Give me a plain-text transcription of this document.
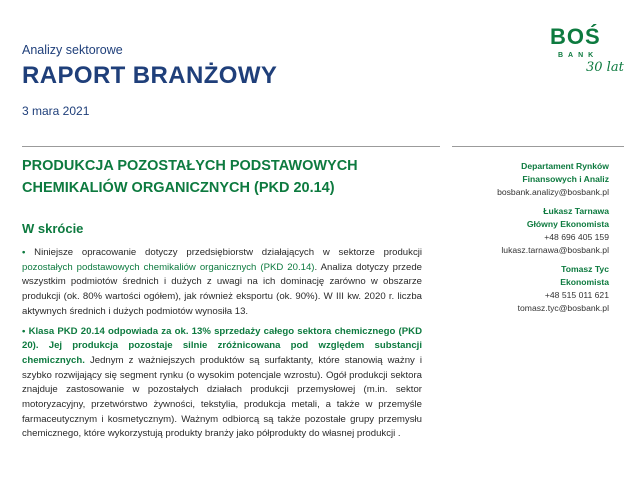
Analizy sektorowe
RAPORT BRANŻOWY
3 mara 2021
BOŚ
BANK
30 lat
PRODUKCJA POZOSTAŁYCH PODSTAWOWYCH
CHEMIKALIÓW ORGANICZNYCH (PKD 20.14)
W skrócie

• Niniejsze opracowanie dotyczy przedsiębiorstw działających w sektorze produkcji pozostałych podstawowych chemikaliów organicznych (PKD 20.14). Analiza dotyczy przede wszystkim podmiotów średnich i dużych z uwagi na ich dominację zarówno w obszarze produkcji (ok. 80% wartości ogółem), jak również eksportu (ok. 90%). W III kw. 2020 r. liczba aktywnych średnich i dużych podmiotów wynosiła 13.

• Klasa PKD 20.14 odpowiada za ok. 13% sprzedaży całego sektora chemicznego (PKD 20). Jej produkcja pozostaje silnie zróżnicowana pod względem substancji chemicznych. Jednym z ważniejszych produktów są surfaktanty, które stanowią ważny i szybko rozwijający się segment rynku (o wysokim potencjale wzrostu). Ogół produkcji sektora znajduje zastosowanie w pozostałych działach produkcji przemysłowej (m.in. sektor motoryzacyjny, przetwórstwo żywności, tekstylia, produkcja metali, a także w przemyśle farmaceutycznym i kosmetycznym). Ważnym odbiorcą są także pozostałe grupy przemysłu chemicznego, które wykorzystują produkty branży jako półprodukty do własnej produkcji .

Departament Rynków
Finansowych i Analiz
bosbank.analizy@bosbank.pl
Łukasz Tarnawa
Główny Ekonomista
+48 696 405 159
lukasz.tarnawa@bosbank.pl
Tomasz Tyc
Ekonomista
+48 515 011 621
tomasz.tyc@bosbank.pl
